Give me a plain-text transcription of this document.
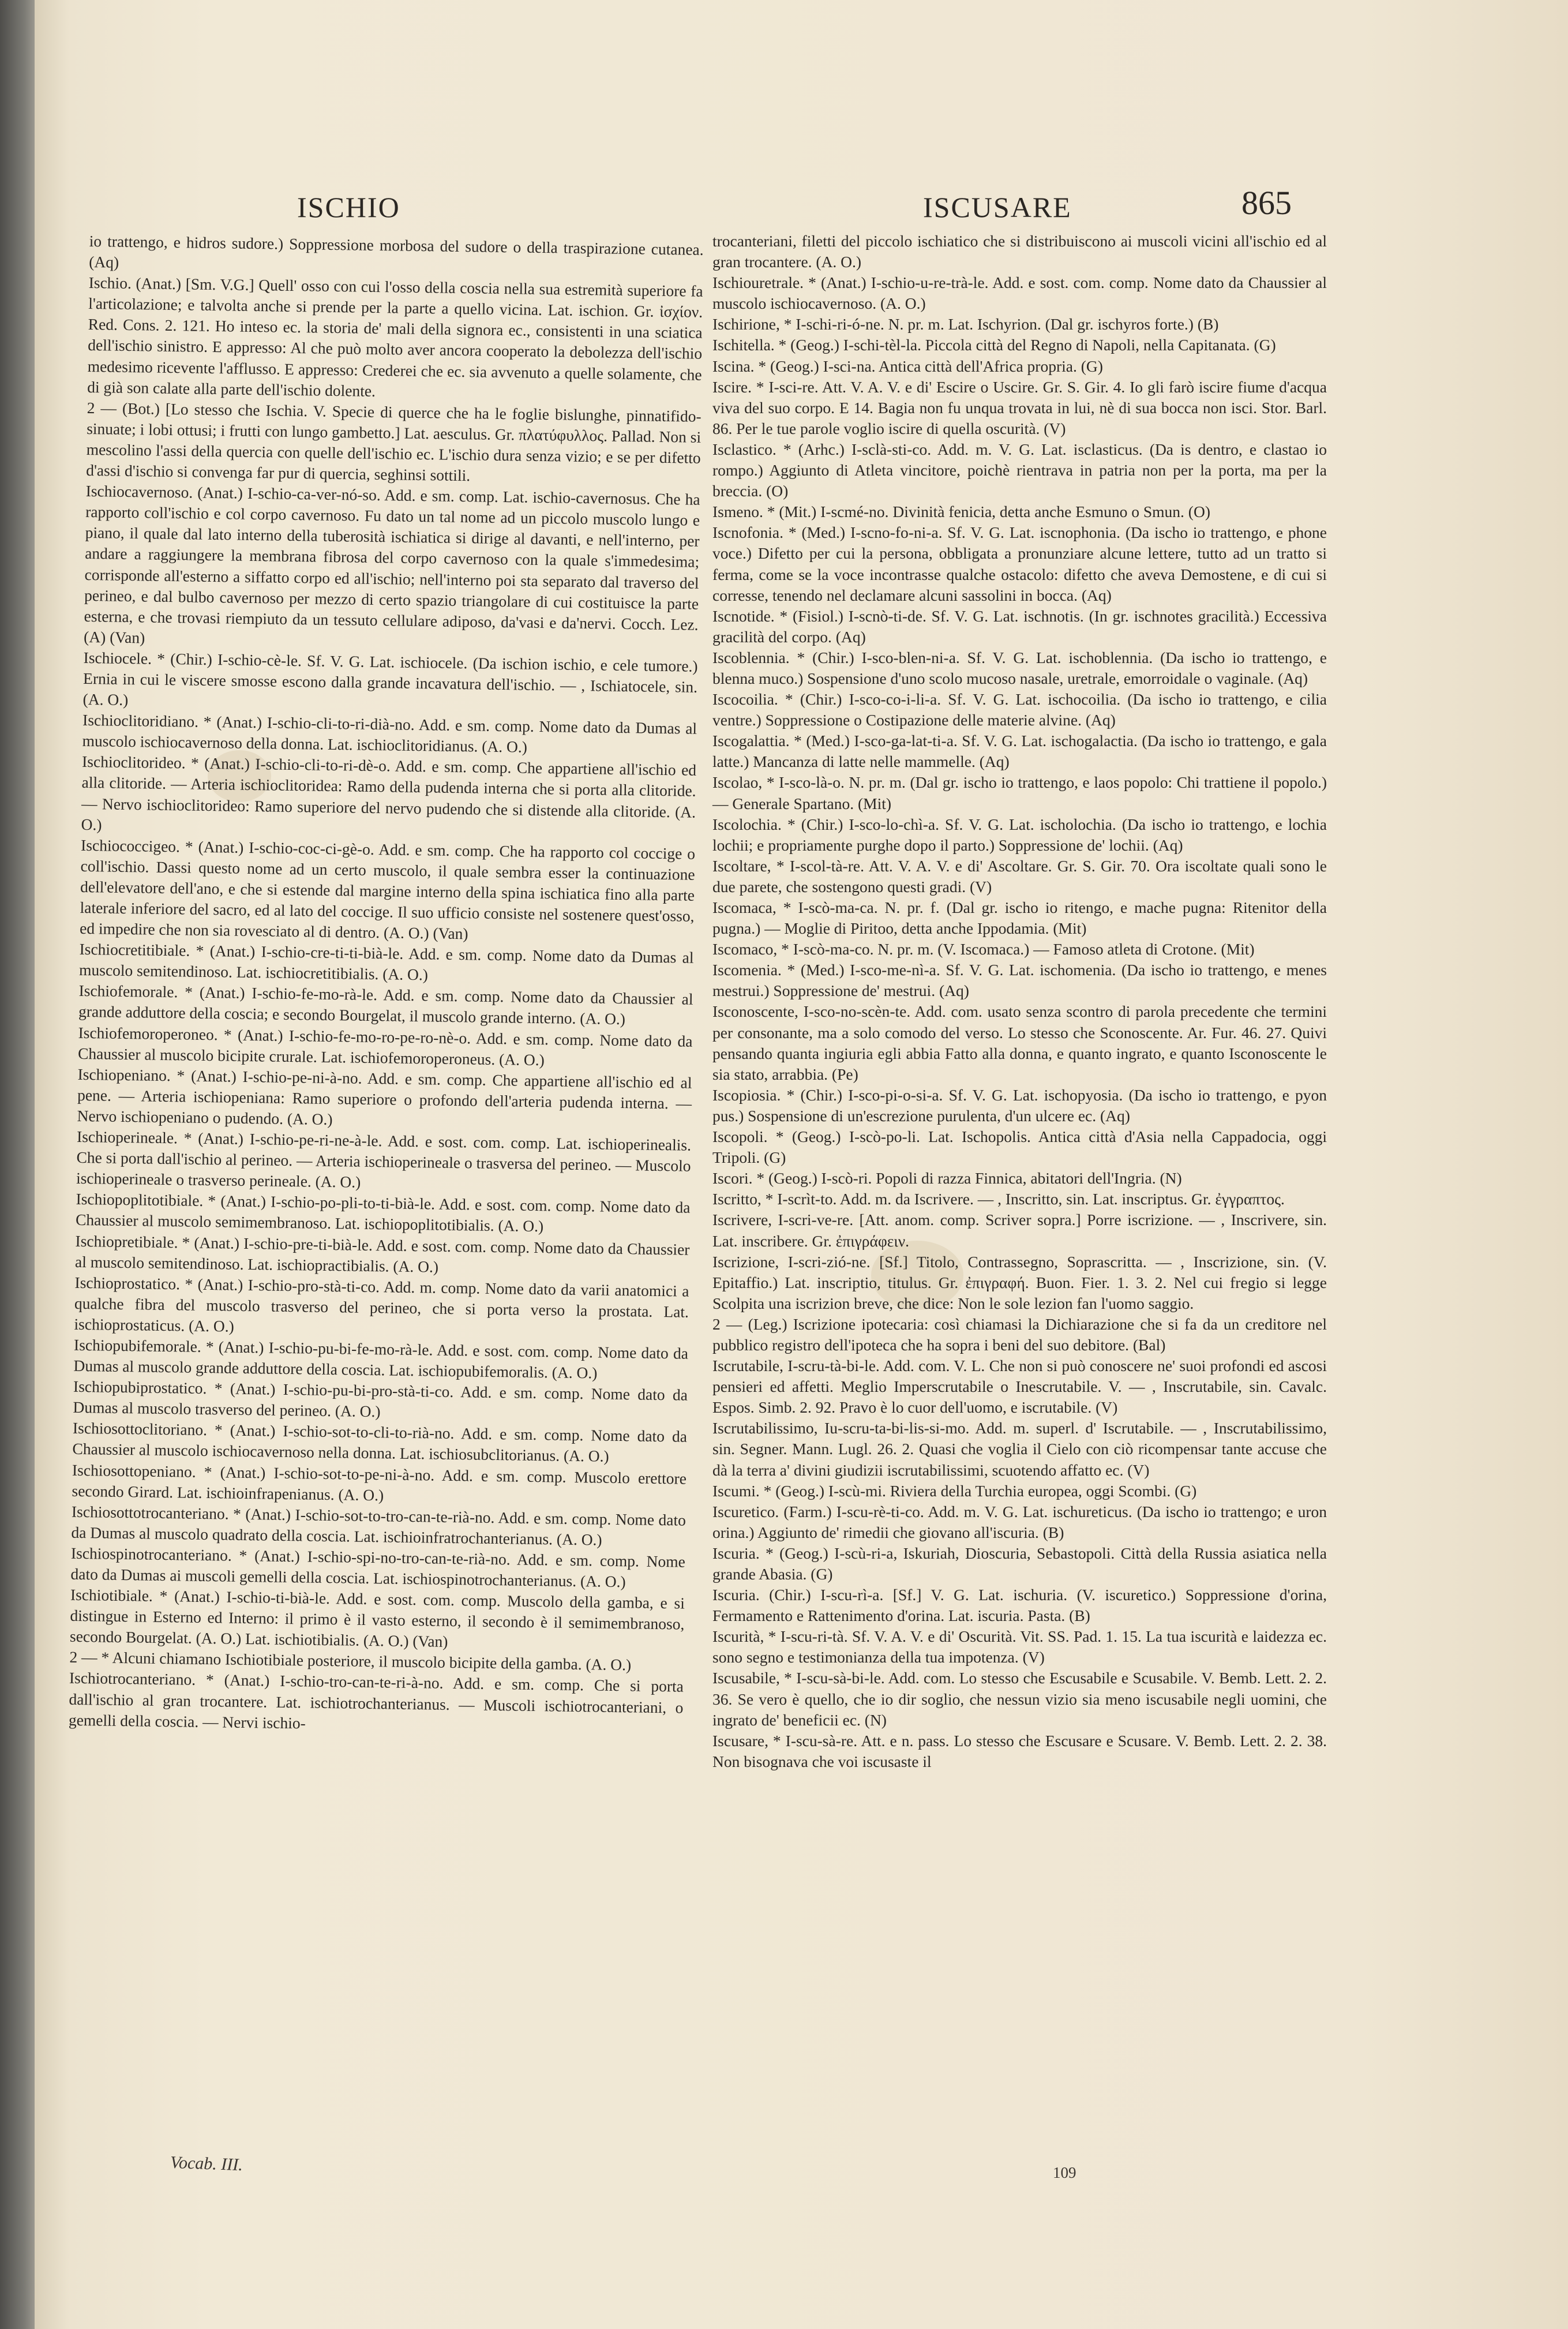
ISCHIO	ISCUSARE	865

io trattengo, e hidros sudore.) Soppressione morbosa del sudore o della traspirazione cutanea. (Aq)

Ischio. (Anat.) [Sm. V.G.] Quell' osso con cui l'osso della coscia nella sua estremità superiore fa l'articolazione; e talvolta anche si prende per la parte a quello vicina. Lat. ischion. Gr. ἰσχίον. Red. Cons. 2. 121. Ho inteso ec. la storia de' mali della signora ec., consistenti in una sciatica dell'ischio sinistro. E appresso: Al che può molto aver ancora cooperato la debolezza dell'ischio medesimo ricevente l'afflusso. E appresso: Crederei che ec. sia avvenuto a quelle solamente, che di già son calate alla parte dell'ischio dolente.

2 — (Bot.) [Lo stesso che Ischia. V. Specie di querce che ha le foglie bislunghe, pinnatifido-sinuate; i lobi ottusi; i frutti con lungo gambetto.] Lat. aesculus. Gr. πλατύφυλλος. Pallad. Non si mescolino l'assi della quercia con quelle dell'ischio ec. L'ischio dura senza vizio; e se per difetto d'assi d'ischio si convenga far pur di quercia, seghinsi sottili.

Ischiocavernoso. (Anat.) I-schio-ca-ver-nó-so. Add. e sm. comp. Lat. ischio-cavernosus. Che ha rapporto coll'ischio e col corpo cavernoso. Fu dato un tal nome ad un piccolo muscolo lungo e piano, il quale dal lato interno della tuberosità ischiatica si dirige al davanti, e nell'interno, per andare a raggiungere la membrana fibrosa del corpo cavernoso con la quale s'immedesima; corrisponde all'esterno a siffatto corpo ed all'ischio; nell'interno poi sta separato dal traverso del perineo, e dal bulbo cavernoso per mezzo di certo spazio triangolare di cui costituisce la parte esterna, e che trovasi riempiuto da un tessuto cellulare adiposo, da'vasi e da'nervi. Cocch. Lez. (A) (Van)

Ischiocele. * (Chir.) I-schio-cè-le. Sf. V. G. Lat. ischiocele. (Da ischion ischio, e cele tumore.) Ernia in cui le viscere smosse escono dalla grande incavatura dell'ischio. — , Ischiatocele, sin. (A. O.)

Ischioclitoridiano. * (Anat.) I-schio-cli-to-ri-dià-no. Add. e sm. comp. Nome dato da Dumas al muscolo ischiocavernoso della donna. Lat. ischioclitoridianus. (A. O.)

Ischioclitorideo. * (Anat.) I-schio-cli-to-ri-dè-o. Add. e sm. comp. Che appartiene all'ischio ed alla clitoride. — Arteria ischioclitoridea: Ramo della pudenda interna che si porta alla clitoride. — Nervo ischioclitorideo: Ramo superiore del nervo pudendo che si distende alla clitoride. (A. O.)

Ischiococcigeo. * (Anat.) I-schio-coc-ci-gè-o. Add. e sm. comp. Che ha rapporto col coccige o coll'ischio. Dassi questo nome ad un certo muscolo, il quale sembra esser la continuazione dell'elevatore dell'ano, e che si estende dal margine interno della spina ischiatica fino alla parte laterale inferiore del sacro, ed al lato del coccige. Il suo ufficio consiste nel sostenere quest'osso, ed impedire che non sia rovesciato al di dentro. (A. O.) (Van)

Ischiocretitibiale. * (Anat.) I-schio-cre-ti-ti-bià-le. Add. e sm. comp. Nome dato da Dumas al muscolo semitendinoso. Lat. ischiocretitibialis. (A. O.)

Ischiofemorale. * (Anat.) I-schio-fe-mo-rà-le. Add. e sm. comp. Nome dato da Chaussier al grande adduttore della coscia; e secondo Bourgelat, il muscolo grande interno. (A. O.)

Ischiofemoroperoneo. * (Anat.) I-schio-fe-mo-ro-pe-ro-nè-o. Add. e sm. comp. Nome dato da Chaussier al muscolo bicipite crurale. Lat. ischiofemoroperoneus. (A. O.)

Ischiopeniano. * (Anat.) I-schio-pe-ni-à-no. Add. e sm. comp. Che appartiene all'ischio ed al pene. — Arteria ischiopeniana: Ramo superiore o profondo dell'arteria pudenda interna. — Nervo ischiopeniano o pudendo. (A. O.)

Ischioperineale. * (Anat.) I-schio-pe-ri-ne-à-le. Add. e sost. com. comp. Lat. ischioperinealis. Che si porta dall'ischio al perineo. — Arteria ischioperineale o trasversa del perineo. — Muscolo ischioperineale o trasverso perineale. (A. O.)

Ischiopoplitotibiale. * (Anat.) I-schio-po-pli-to-ti-bià-le. Add. e sost. com. comp. Nome dato da Chaussier al muscolo semimembranoso. Lat. ischiopoplitotibialis. (A. O.)

Ischiopretibiale. * (Anat.) I-schio-pre-ti-bià-le. Add. e sost. com. comp. Nome dato da Chaussier al muscolo semitendinoso. Lat. ischiopractibialis. (A. O.)

Ischioprostatico. * (Anat.) I-schio-pro-stà-ti-co. Add. m. comp. Nome dato da varii anatomici a qualche fibra del muscolo trasverso del perineo, che si porta verso la prostata. Lat. ischioprostaticus. (A. O.)

Ischiopubifemorale. * (Anat.) I-schio-pu-bi-fe-mo-rà-le. Add. e sost. com. comp. Nome dato da Dumas al muscolo grande adduttore della coscia. Lat. ischiopubifemoralis. (A. O.)

Ischiopubiprostatico. * (Anat.) I-schio-pu-bi-pro-stà-ti-co. Add. e sm. comp. Nome dato da Dumas al muscolo trasverso del perineo. (A. O.)

Ischiosottoclitoriano. * (Anat.) I-schio-sot-to-cli-to-rià-no. Add. e sm. comp. Nome dato da Chaussier al muscolo ischiocavernoso nella donna. Lat. ischiosubclitorianus. (A. O.)

Ischiosottopeniano. * (Anat.) I-schio-sot-to-pe-ni-à-no. Add. e sm. comp. Muscolo erettore secondo Girard. Lat. ischioinfrapenianus. (A. O.)

Ischiosottotrocanteriano. * (Anat.) I-schio-sot-to-tro-can-te-rià-no. Add. e sm. comp. Nome dato da Dumas al muscolo quadrato della coscia. Lat. ischioinfratrochanterianus. (A. O.)

Ischiospinotrocanteriano. * (Anat.) I-schio-spi-no-tro-can-te-rià-no. Add. e sm. comp. Nome dato da Dumas ai muscoli gemelli della coscia. Lat. ischiospinotrochanterianus. (A. O.)

Ischiotibiale. * (Anat.) I-schio-ti-bià-le. Add. e sost. com. comp. Muscolo della gamba, e si distingue in Esterno ed Interno: il primo è il vasto esterno, il secondo è il semimembranoso, secondo Bourgelat. (A. O.) Lat. ischiotibialis. (A. O.) (Van)

2 — * Alcuni chiamano Ischiotibiale posteriore, il muscolo bicipite della gamba. (A. O.)

Ischiotrocanteriano. * (Anat.) I-schio-tro-can-te-ri-à-no. Add. e sm. comp. Che si porta dall'ischio al gran trocantere. Lat. ischiotrochanterianus. — Muscoli ischiotrocanteriani, o gemelli della coscia. — Nervi ischio-

trocanteriani, filetti del piccolo ischiatico che si distribuiscono ai muscoli vicini all'ischio ed al gran trocantere. (A. O.)

Ischiouretrale. * (Anat.) I-schio-u-re-trà-le. Add. e sost. com. comp. Nome dato da Chaussier al muscolo ischiocavernoso. (A. O.)

Ischirione, * I-schi-ri-ó-ne. N. pr. m. Lat. Ischyrion. (Dal gr. ischyros forte.) (B)

Ischitella. * (Geog.) I-schi-tèl-la. Piccola città del Regno di Napoli, nella Capitanata. (G)

Iscina. * (Geog.) I-sci-na. Antica città dell'Africa propria. (G)

Iscire. * I-sci-re. Att. V. A. V. e di' Escire o Uscire. Gr. S. Gir. 4. Io gli farò iscire fiume d'acqua viva del suo corpo. E 14. Bagia non fu unqua trovata in lui, nè di sua bocca non isci. Stor. Barl. 86. Per le tue parole voglio iscire di quella oscurità. (V)

Isclastico. * (Arhc.) I-sclà-sti-co. Add. m. V. G. Lat. isclasticus. (Da is dentro, e clastao io rompo.) Aggiunto di Atleta vincitore, poichè rientrava in patria non per la porta, ma per la breccia. (O)

Ismeno. * (Mit.) I-scmé-no. Divinità fenicia, detta anche Esmuno o Smun. (O)

Iscnofonia. * (Med.) I-scno-fo-ni-a. Sf. V. G. Lat. iscnophonia. (Da ischo io trattengo, e phone voce.) Difetto per cui la persona, obbligata a pronunziare alcune lettere, tutto ad un tratto si ferma, come se la voce incontrasse qualche ostacolo: difetto che aveva Demostene, e di cui si corresse, tenendo nel declamare alcuni sassolini in bocca. (Aq)

Iscnotide. * (Fisiol.) I-scnò-ti-de. Sf. V. G. Lat. ischnotis. (In gr. ischnotes gracilità.) Eccessiva gracilità del corpo. (Aq)

Iscoblennia. * (Chir.) I-sco-blen-ni-a. Sf. V. G. Lat. ischoblennia. (Da ischo io trattengo, e blenna muco.) Sospensione d'uno scolo mucoso nasale, uretrale, emorroidale o vaginale. (Aq)

Iscocoilia. * (Chir.) I-sco-co-i-li-a. Sf. V. G. Lat. ischocoilia. (Da ischo io trattengo, e cilia ventre.) Soppressione o Costipazione delle materie alvine. (Aq)

Iscogalattia. * (Med.) I-sco-ga-lat-ti-a. Sf. V. G. Lat. ischogalactia. (Da ischo io trattengo, e gala latte.) Mancanza di latte nelle mammelle. (Aq)

Iscolao, * I-sco-là-o. N. pr. m. (Dal gr. ischo io trattengo, e laos popolo: Chi trattiene il popolo.) — Generale Spartano. (Mit)

Iscolochia. * (Chir.) I-sco-lo-chì-a. Sf. V. G. Lat. ischolochia. (Da ischo io trattengo, e lochia lochii; e propriamente purghe dopo il parto.) Soppressione de' lochii. (Aq)

Iscoltare, * I-scol-tà-re. Att. V. A. V. e di' Ascoltare. Gr. S. Gir. 70. Ora iscoltate quali sono le due parete, che sostengono questi gradi. (V)

Iscomaca, * I-scò-ma-ca. N. pr. f. (Dal gr. ischo io ritengo, e mache pugna: Ritenitor della pugna.) — Moglie di Piritoo, detta anche Ippodamia. (Mit)

Iscomaco, * I-scò-ma-co. N. pr. m. (V. Iscomaca.) — Famoso atleta di Crotone. (Mit)

Iscomenia. * (Med.) I-sco-me-nì-a. Sf. V. G. Lat. ischomenia. (Da ischo io trattengo, e menes mestrui.) Soppressione de' mestrui. (Aq)

Isconoscente, I-sco-no-scèn-te. Add. com. usato senza scontro di parola precedente che termini per consonante, ma a solo comodo del verso. Lo stesso che Sconoscente. Ar. Fur. 46. 27. Quivi pensando quanta ingiuria egli abbia Fatto alla donna, e quanto ingrato, e quanto Isconoscente le sia stato, arrabbia. (Pe)

Iscopiosia. * (Chir.) I-sco-pi-o-si-a. Sf. V. G. Lat. ischopyosia. (Da ischo io trattengo, e pyon pus.) Sospensione di un'escrezione purulenta, d'un ulcere ec. (Aq)

Iscopoli. * (Geog.) I-scò-po-li. Lat. Ischopolis. Antica città d'Asia nella Cappadocia, oggi Tripoli. (G)

Iscori. * (Geog.) I-scò-ri. Popoli di razza Finnica, abitatori dell'Ingria. (N)

Iscritto, * I-scrìt-to. Add. m. da Iscrivere. — , Inscritto, sin. Lat. inscriptus. Gr. ἐγγραπτος.

Iscrivere, I-scri-ve-re. [Att. anom. comp. Scriver sopra.] Porre iscrizione. — , Inscrivere, sin. Lat. inscribere. Gr. ἐπιγράφειν.

Iscrizione, I-scri-zió-ne. [Sf.] Titolo, Contrassegno, Soprascritta. — , Inscrizione, sin. (V. Epitaffio.) Lat. inscriptio, titulus. Gr. ἐπιγραφή. Buon. Fier. 1. 3. 2. Nel cui fregio si legge Scolpita una iscrizion breve, che dice: Non le sole lezion fan l'uomo saggio.

2 — (Leg.) Iscrizione ipotecaria: così chiamasi la Dichiarazione che si fa da un creditore nel pubblico registro dell'ipoteca che ha sopra i beni del suo debitore. (Bal)

Iscrutabile, I-scru-tà-bi-le. Add. com. V. L. Che non si può conoscere ne' suoi profondi ed ascosi pensieri ed affetti. Meglio Imperscrutabile o Inescrutabile. V. — , Inscrutabile, sin. Cavalc. Espos. Simb. 2. 92. Pravo è lo cuor dell'uomo, e iscrutabile. (V)

Iscrutabilissimo, Iu-scru-ta-bi-lis-si-mo. Add. m. superl. d' Iscrutabile. — , Inscrutabilissimo, sin. Segner. Mann. Lugl. 26. 2. Quasi che voglia il Cielo con ciò ricompensar tante accuse che dà la terra a' divini giudizii iscrutabilissimi, scuotendo affatto ec. (V)

Iscumi. * (Geog.) I-scù-mi. Riviera della Turchia europea, oggi Scombi. (G)

Iscuretico. (Farm.) I-scu-rè-ti-co. Add. m. V. G. Lat. ischureticus. (Da ischo io trattengo; e uron orina.) Aggiunto de' rimedii che giovano all'iscuria. (B)

Iscuria. * (Geog.) I-scù-ri-a, Iskuriah, Dioscuria, Sebastopoli. Città della Russia asiatica nella grande Abasia. (G)

Iscuria. (Chir.) I-scu-rì-a. [Sf.] V. G. Lat. ischuria. (V. iscuretico.) Soppressione d'orina, Fermamento e Rattenimento d'orina. Lat. iscuria. Pasta. (B)

Iscurità, * I-scu-ri-tà. Sf. V. A. V. e di' Oscurità. Vit. SS. Pad. 1. 15. La tua iscurità e laidezza ec. sono segno e testimonianza della tua impotenza. (V)

Iscusabile, * I-scu-sà-bi-le. Add. com. Lo stesso che Escusabile e Scusabile. V. Bemb. Lett. 2. 2. 36. Se vero è quello, che io dir soglio, che nessun vizio sia meno iscusabile negli uomini, che ingrato de' beneficii ec. (N)

Iscusare, * I-scu-sà-re. Att. e n. pass. Lo stesso che Escusare e Scusare. V. Bemb. Lett. 2. 2. 38. Non bisognava che voi iscusaste il

Vocab. III.	109
